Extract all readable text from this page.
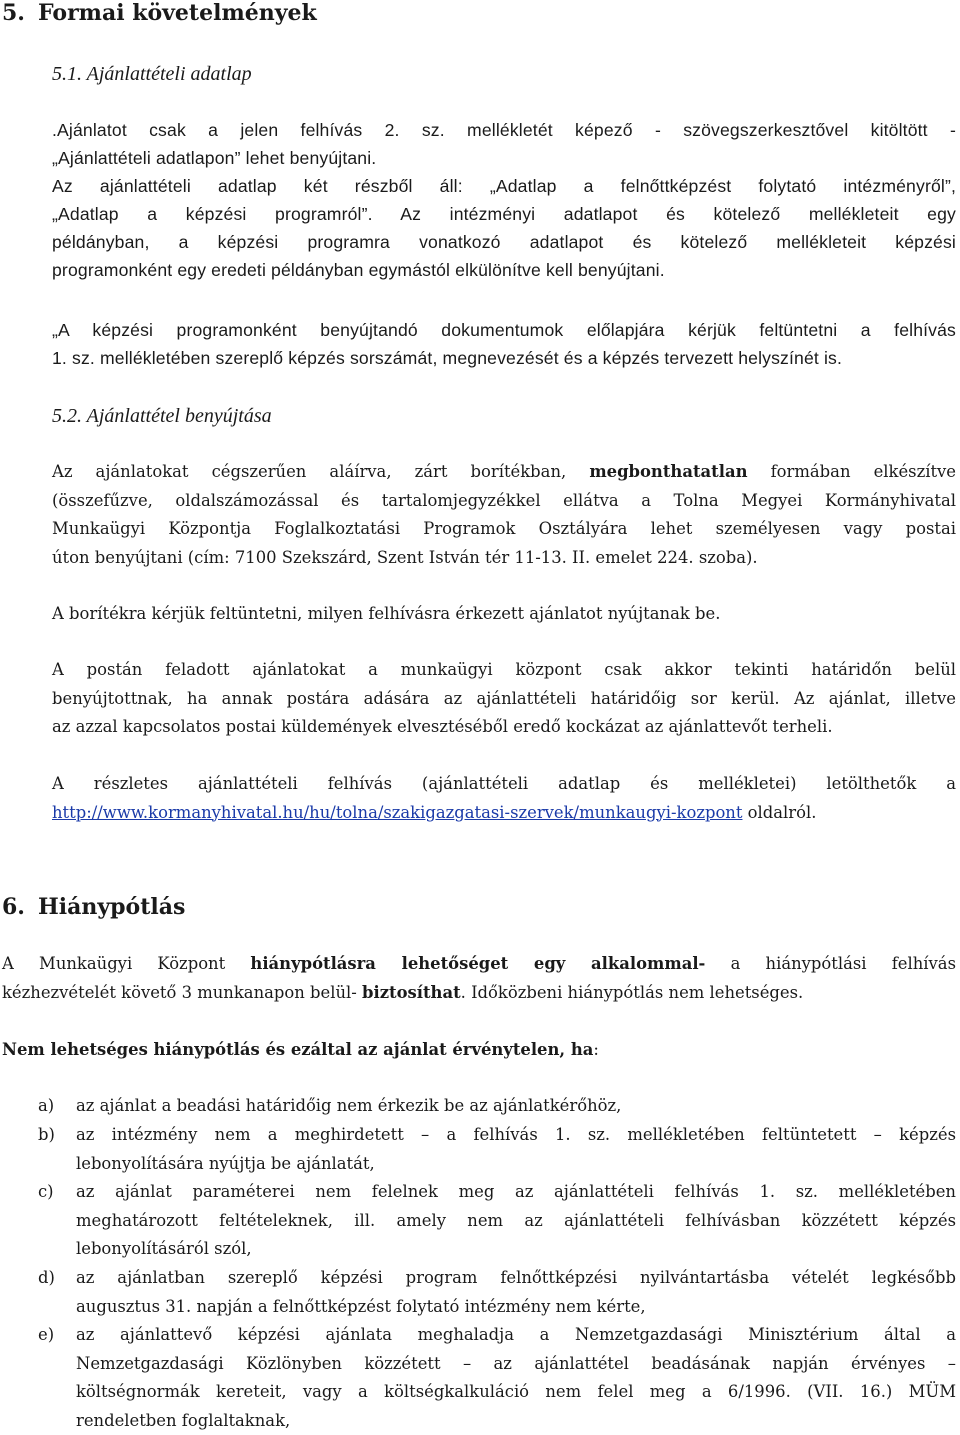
5. Formai követelmények
5.1. Ajánlattételi adatlap
.Ajánlatot csak a jelen felhívás 2. sz. mellékletét képező - szövegszerkesztővel kitöltött -
„Ajánlattételi adatlapon” lehet benyújtani.
Az ajánlattételi adatlap két részből áll: „Adatlap a felnőttképzést folytató intézményről”,
„Adatlap a képzési programról”. Az intézményi adatlapot és kötelező mellékleteit egy
példányban, a képzési programra vonatkozó adatlapot és kötelező mellékleteit képzési
programonként egy eredeti példányban egymástól elkülönítve kell benyújtani.
„A képzési programonként benyújtandó dokumentumok előlapjára kérjük feltüntetni a felhívás
1. sz. mellékletében szereplő képzés sorszámát, megnevezését és a képzés tervezett helyszínét is.
5.2. Ajánlattétel benyújtása
Az ajánlatokat cégszerűen aláírva, zárt borítékban, megbonthatatlan formában elkészítve
(összefűzve, oldalszámozással és tartalomjegyzékkel ellátva a Tolna Megyei Kormányhivatal
Munkaügyi Központja Foglalkoztatási Programok Osztályára lehet személyesen vagy postai
úton benyújtani (cím: 7100 Szekszárd, Szent István tér 11-13. II. emelet 224. szoba).
A borítékra kérjük feltüntetni, milyen felhívásra érkezett ajánlatot nyújtanak be.
A postán feladott ajánlatokat a munkaügyi központ csak akkor tekinti határidőn belül
benyújtottnak, ha annak postára adására az ajánlattételi határidőig sor kerül. Az ajánlat, illetve
az azzal kapcsolatos postai küldemények elvesztéséből eredő kockázat az ajánlattevőt terheli.
A részletes ajánlattételi felhívás (ajánlattételi adatlap és mellékletei) letölthetők a
http://www.kormanyhivatal.hu/hu/tolna/szakigazgatasi-szervek/munkaugyi-kozpont oldalról.
6. Hiánypótlás
A Munkaügyi Központ hiánypótlásra lehetőséget egy alkalommal- a hiánypótlási felhívás
kézhezvételét követő 3 munkanapon belül- biztosíthat. Időközbeni hiánypótlás nem lehetséges.
Nem lehetséges hiánypótlás és ezáltal az ajánlat érvénytelen, ha:
a) az ajánlat a beadási határidőig nem érkezik be az ajánlatkérőhöz,
b) az intézmény nem a meghirdetett – a felhívás 1. sz. mellékletében feltüntetett – képzés
lebonyolítására nyújtja be ajánlatát,
c) az ajánlat paraméterei nem felelnek meg az ajánlattételi felhívás 1. sz. mellékletében
meghatározott feltételeknek, ill. amely nem az ajánlattételi felhívásban közzétett képzés
lebonyolításáról szól,
d) az ajánlatban szereplő képzési program felnőttképzési nyilvántartásba vételét legkésőbb
augusztus 31. napján a felnőttképzést folytató intézmény nem kérte,
e) az ajánlattevő képzési ajánlata meghaladja a Nemzetgazdasági Minisztérium által a
Nemzetgazdasági Közlönyben közzétett – az ajánlattétel beadásának napján érvényes –
költségnormák kereteit, vagy a költségkalkuláció nem felel meg a 6/1996. (VII. 16.) MÜM
rendeletben foglaltaknak,
